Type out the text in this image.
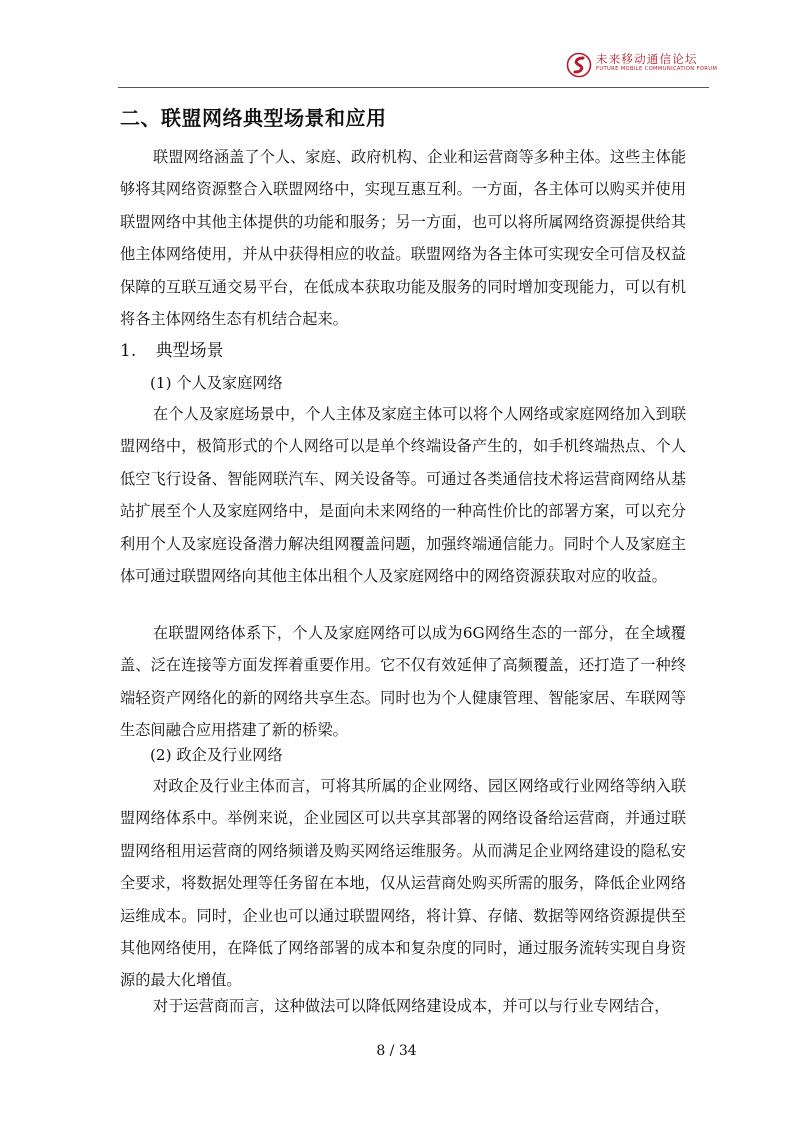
未来移动通信论坛
FUTURE MOBILE COMMUNICATION FORUM
二、联盟网络典型场景和应用

联盟网络涵盖了个人、家庭、政府机构、企业和运营商等多种主体。这些主体能够将其网络资源整合入联盟网络中，实现互惠互利。一方面，各主体可以购买并使用联盟网络中其他主体提供的功能和服务；另一方面，也可以将所属网络资源提供给其他主体网络使用，并从中获得相应的收益。联盟网络为各主体可实现安全可信及权益保障的互联互通交易平台，在低成本获取功能及服务的同时增加变现能力，可以有机将各主体网络生态有机结合起来。

1. 典型场景
(1) 个人及家庭网络

在个人及家庭场景中，个人主体及家庭主体可以将个人网络或家庭网络加入到联盟网络中，极简形式的个人网络可以是单个终端设备产生的，如手机终端热点、个人低空飞行设备、智能网联汽车、网关设备等。可通过各类通信技术将运营商网络从基站扩展至个人及家庭网络中，是面向未来网络的一种高性价比的部署方案，可以充分利用个人及家庭设备潜力解决组网覆盖问题，加强终端通信能力。同时个人及家庭主体可通过联盟网络向其他主体出租个人及家庭网络中的网络资源获取对应的收益。

在联盟网络体系下，个人及家庭网络可以成为6G网络生态的一部分，在全域覆盖、泛在连接等方面发挥着重要作用。它不仅有效延伸了高频覆盖，还打造了一种终端轻资产网络化的新的网络共享生态。同时也为个人健康管理、智能家居、车联网等生态间融合应用搭建了新的桥梁。

(2) 政企及行业网络

对政企及行业主体而言，可将其所属的企业网络、园区网络或行业网络等纳入联盟网络体系中。举例来说，企业园区可以共享其部署的网络设备给运营商，并通过联盟网络租用运营商的网络频谱及购买网络运维服务。从而满足企业网络建设的隐私安全要求，将数据处理等任务留在本地，仅从运营商处购买所需的服务，降低企业网络运维成本。同时，企业也可以通过联盟网络，将计算、存储、数据等网络资源提供至其他网络使用，在降低了网络部署的成本和复杂度的同时，通过服务流转实现自身资源的最大化增值。

对于运营商而言，这种做法可以降低网络建设成本，并可以与行业专网结合，

8 / 34
